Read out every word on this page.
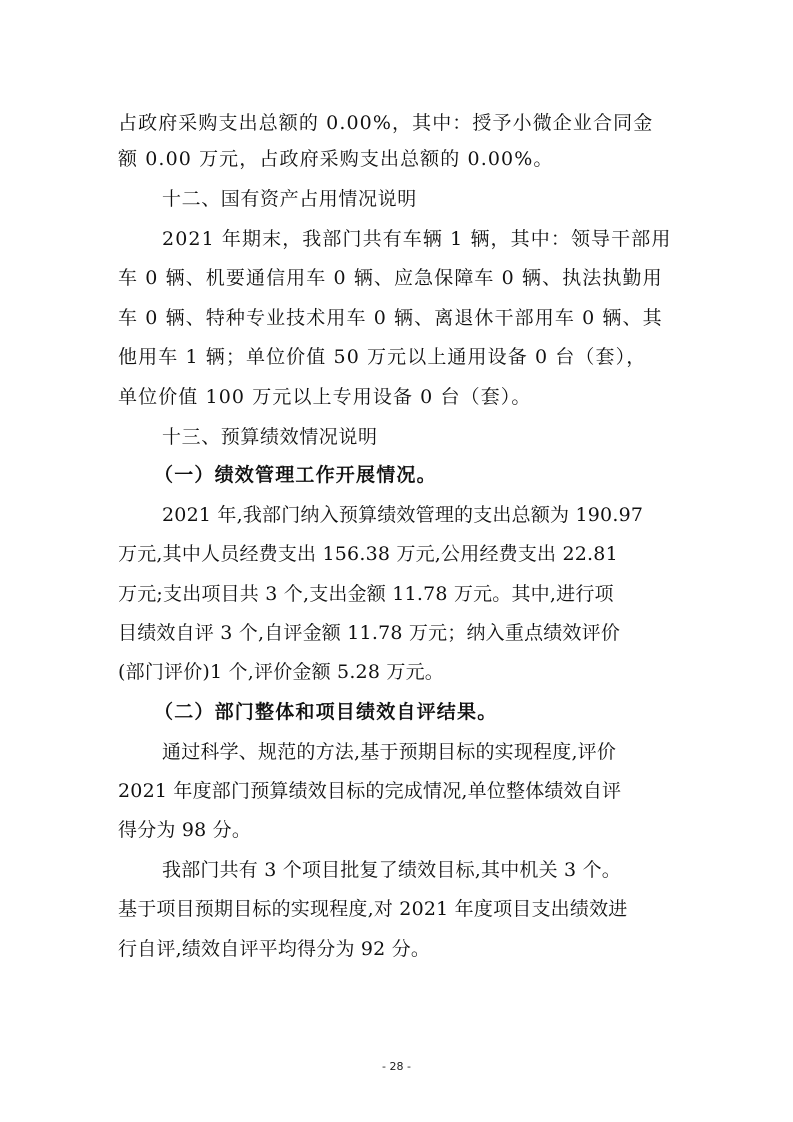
占政府采购支出总额的 0.00%，其中：授予小微企业合同金
额 0.00 万元，占政府采购支出总额的 0.00%。
十二、国有资产占用情况说明
2021 年期末，我部门共有车辆 1 辆，其中：领导干部用
车 0 辆、机要通信用车 0 辆、应急保障车 0 辆、执法执勤用
车 0 辆、特种专业技术用车 0 辆、离退休干部用车 0 辆、其
他用车 1 辆；单位价值 50 万元以上通用设备 0 台（套），
单位价值 100 万元以上专用设备 0 台（套）。
十三、预算绩效情况说明
（一）绩效管理工作开展情况。
2021 年,我部门纳入预算绩效管理的支出总额为 190.97
万元,其中人员经费支出 156.38 万元,公用经费支出 22.81
万元;支出项目共 3 个,支出金额 11.78 万元。其中,进行项
目绩效自评 3 个,自评金额 11.78 万元；纳入重点绩效评价
(部门评价)1 个,评价金额 5.28 万元。
（二）部门整体和项目绩效自评结果。
通过科学、规范的方法,基于预期目标的实现程度,评价
2021 年度部门预算绩效目标的完成情况,单位整体绩效自评
得分为 98 分。
我部门共有 3 个项目批复了绩效目标,其中机关 3 个。
基于项目预期目标的实现程度,对 2021 年度项目支出绩效进
行自评,绩效自评平均得分为 92 分。
- 28 -
